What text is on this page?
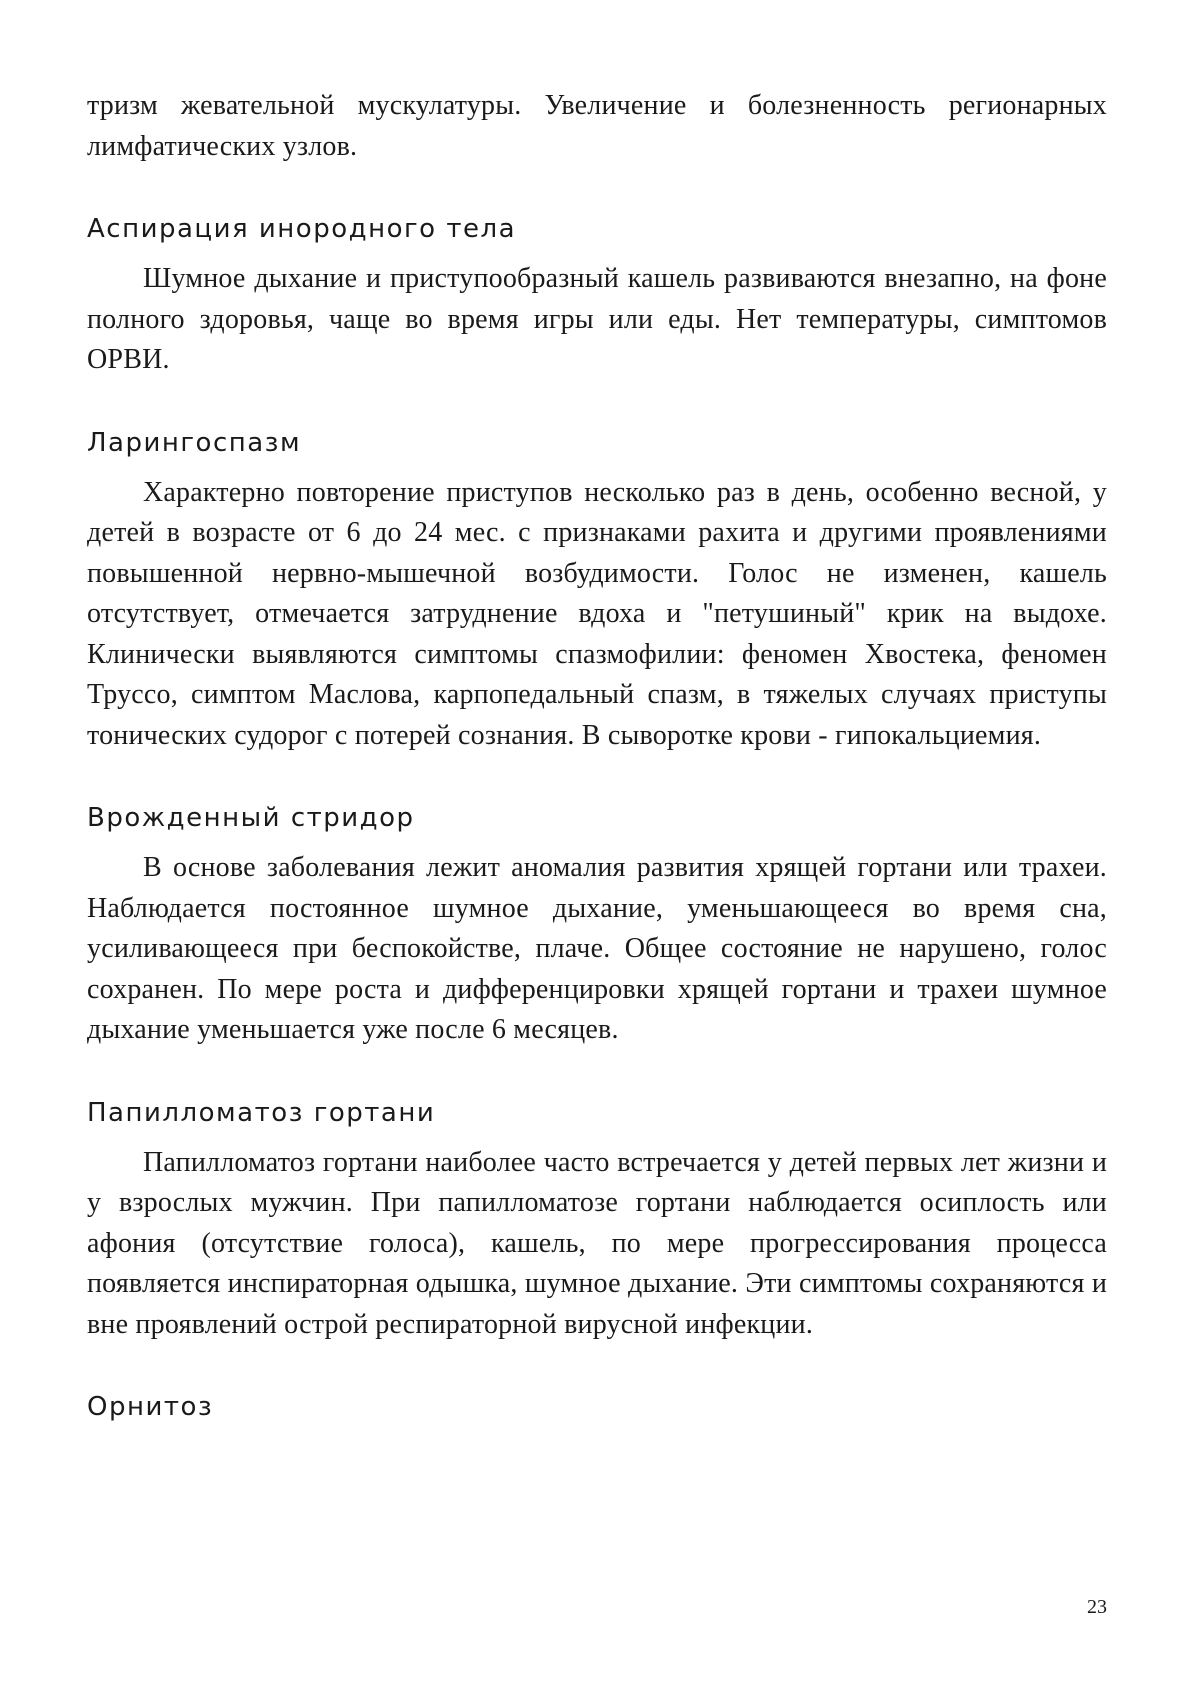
тризм жевательной мускулатуры. Увеличение и болезненность регионарных лимфатических узлов.

Аспирация инородного тела

Шумное дыхание и приступообразный кашель развиваются внезапно, на фоне полного здоровья, чаще во время игры или еды. Нет температуры, симптомов ОРВИ.

Ларингоспазм

Характерно повторение приступов несколько раз в день, особенно весной, у детей в возрасте от 6 до 24 мес. с признаками рахита и другими проявлениями повышенной нервно-мышечной возбудимости. Голос не изменен, кашель отсутствует, отмечается затруднение вдоха и "петушиный" крик на выдохе. Клинически выявляются симптомы спазмофилии: феномен Хвостека, феномен Труссо, симптом Маслова, карпопедальный спазм, в тяжелых случаях приступы тонических судорог с потерей сознания. В сыворотке крови - гипокальциемия.

Врожденный стридор

В основе заболевания лежит аномалия развития хрящей гортани или трахеи. Наблюдается постоянное шумное дыхание, уменьшающееся во время сна, усиливающееся при беспокойстве, плаче. Общее состояние не нарушено, голос сохранен. По мере роста и дифференцировки хрящей гортани и трахеи шумное дыхание уменьшается уже после 6 месяцев.

Папилломатоз гортани

Папилломатоз гортани наиболее часто встречается у детей первых лет жизни и у взрослых мужчин. При папилломатозе гортани наблюдается осиплость или афония (отсутствие голоса), кашель, по мере прогрессирования процесса появляется инспираторная одышка, шумное дыхание. Эти симптомы сохраняются и вне проявлений острой респираторной вирусной инфекции.

Орнитоз
23
